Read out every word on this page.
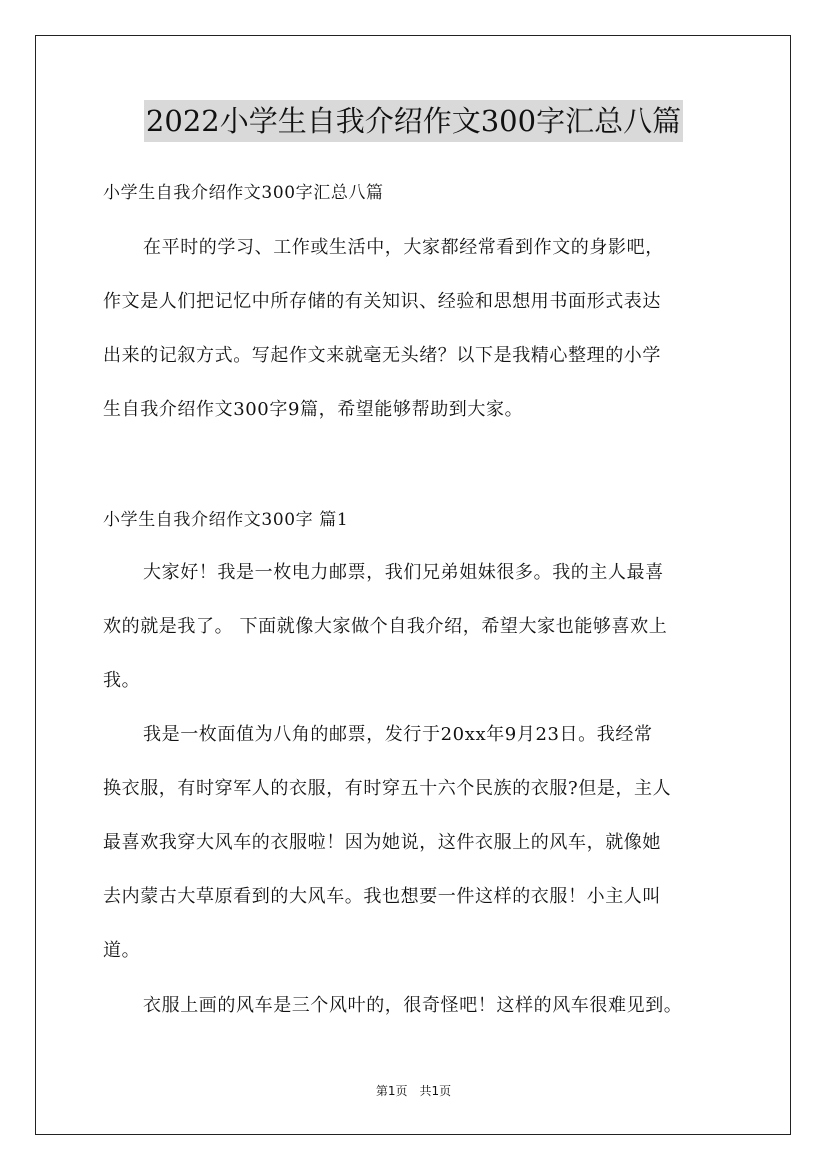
2022小学生自我介绍作文300字汇总八篇
小学生自我介绍作文300字汇总八篇
在平时的学习、工作或生活中，大家都经常看到作文的身影吧，
作文是人们把记忆中所存储的有关知识、经验和思想用书面形式表达
出来的记叙方式。写起作文来就毫无头绪？以下是我精心整理的小学
生自我介绍作文300字9篇，希望能够帮助到大家。
小学生自我介绍作文300字 篇1
大家好！我是一枚电力邮票，我们兄弟姐妹很多。我的主人最喜
欢的就是我了。 下面就像大家做个自我介绍，希望大家也能够喜欢上
我。
我是一枚面值为八角的邮票，发行于20xx年9月23日。我经常
换衣服，有时穿军人的衣服，有时穿五十六个民族的衣服?但是，主人
最喜欢我穿大风车的衣服啦！因为她说，这件衣服上的风车，就像她
去内蒙古大草原看到的大风车。我也想要一件这样的衣服！小主人叫
道。
衣服上画的风车是三个风叶的，很奇怪吧！这样的风车很难见到。
第1页　共1页
